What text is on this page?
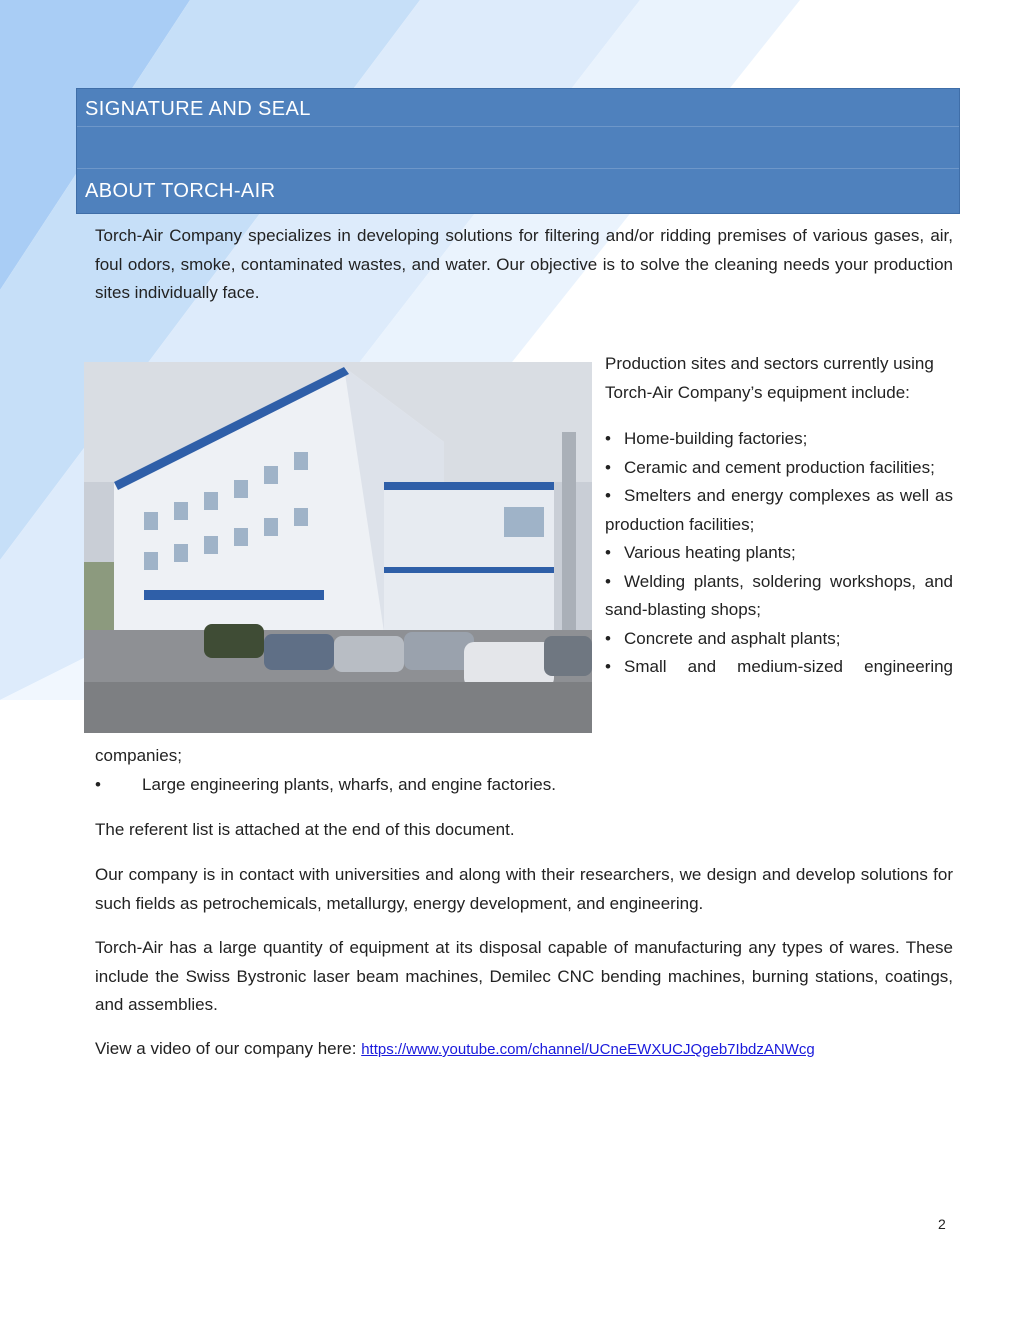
SIGNATURE AND SEAL
ABOUT TORCH-AIR
Torch-Air Company specializes in developing solutions for filtering and/or ridding premises of various gases, air, foul odors, smoke, contaminated wastes, and water. Our objective is to solve the cleaning needs your production sites individually face.

Production sites and sectors currently using Torch-Air Company’s equipment include:

• Home-building factories;
• Ceramic and cement production facilities;
• Smelters and energy complexes as well as production facilities;
• Various heating plants;
• Welding plants, soldering workshops, and sand-blasting shops;
• Concrete and asphalt plants;
• Small and medium-sized engineering
companies;
• Large engineering plants, wharfs, and engine factories.
The referent list is attached at the end of this document.
Our company is in contact with universities and along with their researchers, we design and develop solutions for such fields as petrochemicals, metallurgy, energy development, and engineering.
Torch-Air has a large quantity of equipment at its disposal capable of manufacturing any types of wares. These include the Swiss Bystronic laser beam machines, Demilec CNC bending machines, burning stations, coatings, and assemblies.
View a video of our company here: https://www.youtube.com/channel/UCneEWXUCJQgeb7IbdzANWcg
2
